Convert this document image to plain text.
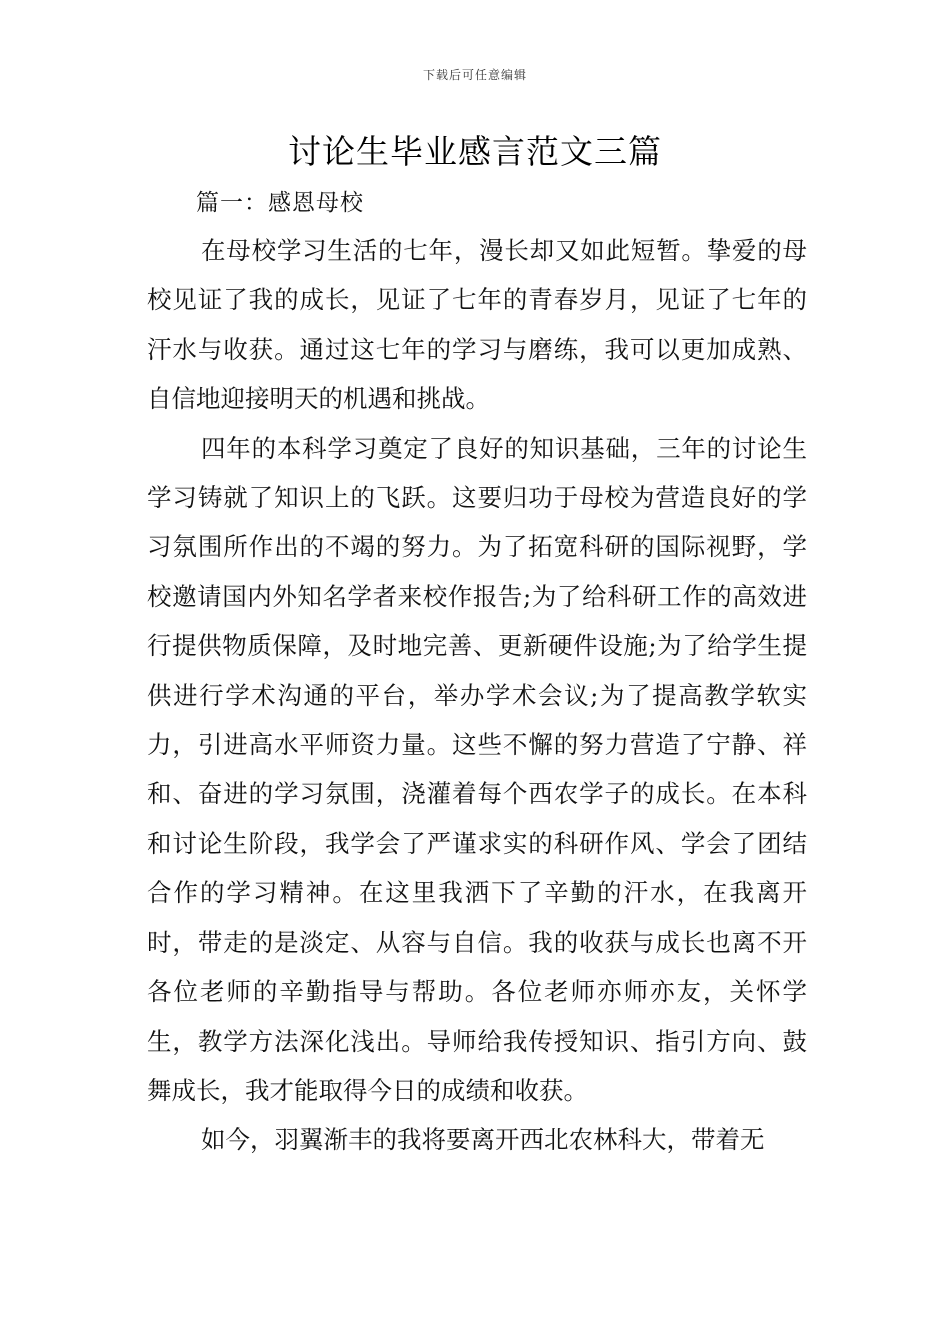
下载后可任意编辑
讨论生毕业感言范文三篇
篇一：感恩母校

在母校学习生活的七年，漫长却又如此短暂。挚爱的母校见证了我的成长，见证了七年的青春岁月，见证了七年的汗水与收获。通过这七年的学习与磨练，我可以更加成熟、自信地迎接明天的机遇和挑战。

四年的本科学习奠定了良好的知识基础，三年的讨论生学习铸就了知识上的飞跃。这要归功于母校为营造良好的学习氛围所作出的不竭的努力。为了拓宽科研的国际视野，学校邀请国内外知名学者来校作报告;为了给科研工作的高效进行提供物质保障，及时地完善、更新硬件设施;为了给学生提供进行学术沟通的平台，举办学术会议;为了提高教学软实力，引进高水平师资力量。这些不懈的努力营造了宁静、祥和、奋进的学习氛围，浇灌着每个西农学子的成长。在本科和讨论生阶段，我学会了严谨求实的科研作风、学会了团结合作的学习精神。在这里我洒下了辛勤的汗水，在我离开时，带走的是淡定、从容与自信。我的收获与成长也离不开各位老师的辛勤指导与帮助。各位老师亦师亦友，关怀学生，教学方法深化浅出。导师给我传授知识、指引方向、鼓舞成长，我才能取得今日的成绩和收获。

如今，羽翼渐丰的我将要离开西北农林科大，带着无
